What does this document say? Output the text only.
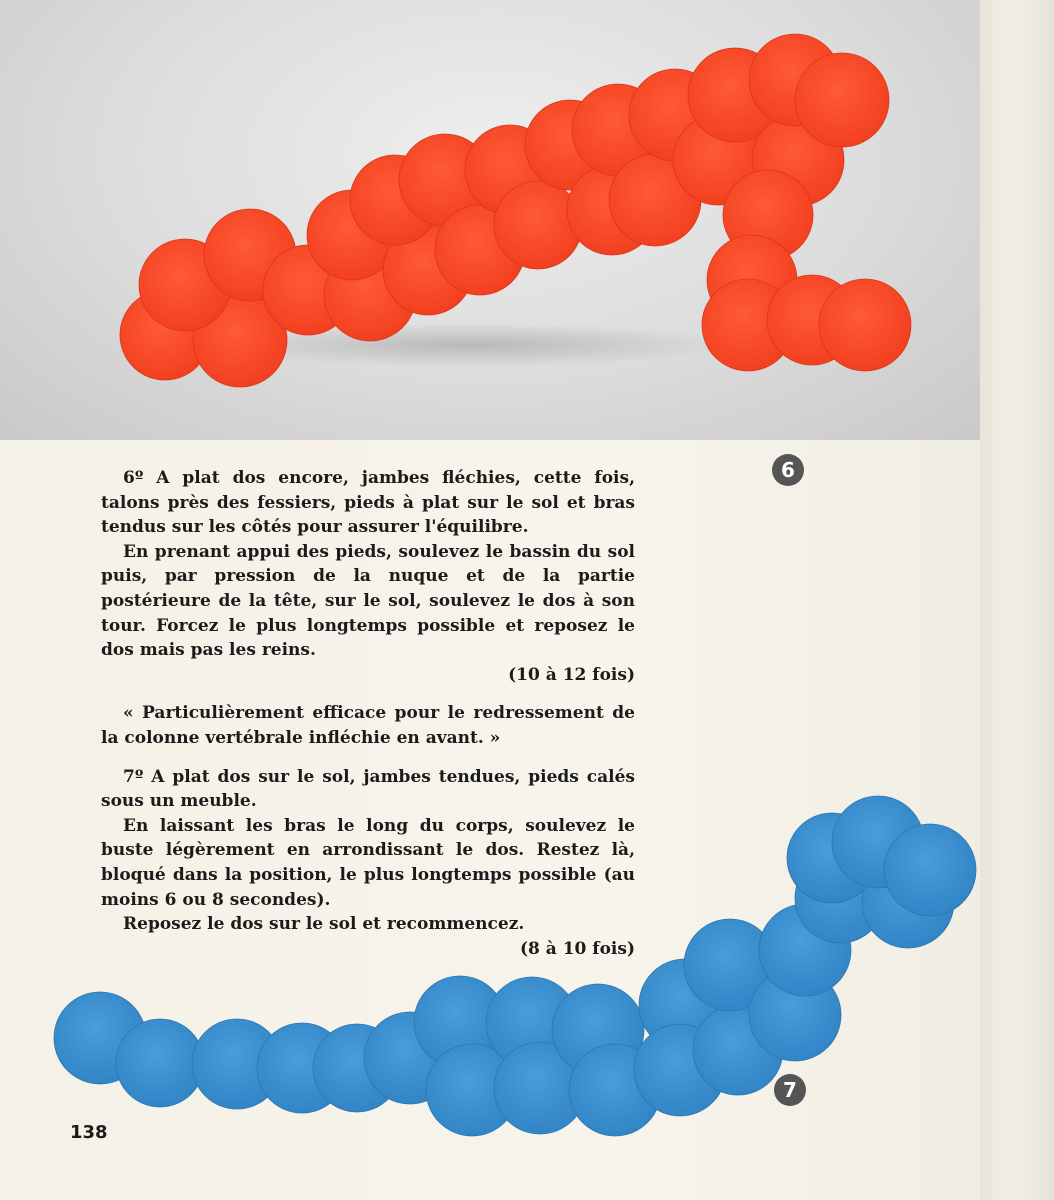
6

6º A plat dos encore, jambes fléchies, cette fois, talons près des fessiers, pieds à plat sur le sol et bras tendus sur les côtés pour assurer l'équilibre.

En prenant appui des pieds, soulevez le bassin du sol puis, par pression de la nuque et de la partie postérieure de la tête, sur le sol, soulevez le dos à son tour. Forcez le plus longtemps possible et reposez le dos mais pas les reins.

(10 à 12 fois)

« Particulièrement efficace pour le redressement de la colonne vertébrale infléchie en avant. »

7º A plat dos sur le sol, jambes tendues, pieds calés sous un meuble.

En laissant les bras le long du corps, soulevez le buste légèrement en arrondissant le dos. Restez là, bloqué dans la position, le plus longtemps possible (au moins 6 ou 8 secondes).

Reposez le dos sur le sol et recommencez.

(8 à 10 fois)

7
138
